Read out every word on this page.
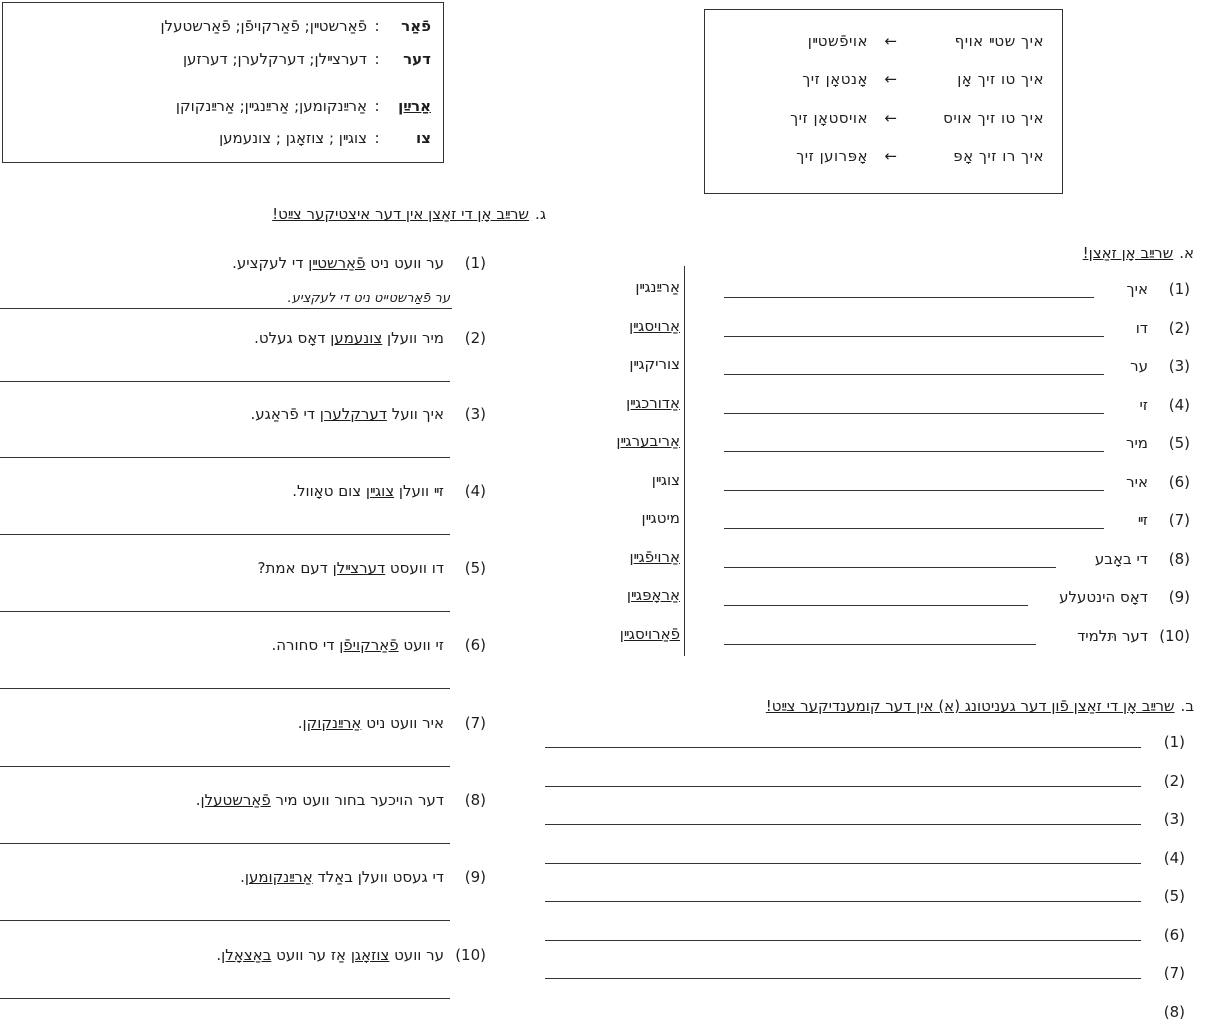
פֿאַר:פֿאַרשטײן; פֿאַרקויפֿן; פֿאַרשטעלן
דער:דערצײלן; דערקלערן; דערזען
אַרײַן:אַרײַנקומען; אַרײַנגײן; אַרײַנקוקן
צו:צוגײן ; צוזאָגן ; צונעמען
איך שטײ אויף←אויפֿשטײן
איך טו זיך אָן←אָנטאָן זיך
איך טו זיך אויס←אויסטאָן זיך
איך רו זיך אָפּ←אָפּרוען זיך
ג.שרײַב אָן די זאַצן אין דער איצטיקער צײַט!
(1)ער וועט ניט פֿאַרשטײן די לעקציע.
(2)מיר וועלן צונעמען דאָס געלט.
(3)איך וועל דערקלערן די פֿראַגע.
(4)זײ וועלן צוגײן צום טאָוול.
(5)דו וועסט דערצײלן דעם אמת?
(6)זי וועט פֿאַרקויפֿן די סחורה.
(7)איר וועט ניט אַרײַנקוקן.
(8)דער הויכער בחור וועט מיר פֿאַרשטעלן.
(9)די געסט וועלן באַלד אַרײַנקומען.
(10)ער וועט צוזאָגן אַז ער וועט באַצאָלן.
ער פֿאַרשטײט ניט די לעקציע.
א.שרײַב אָן זאַצן!
(1)איך
אַרײַנגײן
(2)דו
אַרויסגײן
(3)ער
צוריקגײן
(4)זי
אַדורכגײן
(5)מיר
אַריבערגײן
(6)איר
צוגײן
(7)זײ
מיטגײן
(8)די באָבע
אַרויפֿגײן
(9)דאָס הינטעלע
אַראָפּגײן
(10)דער תּלמיד
פֿאַרויסגײן
ב.שרײַב אָן די זאַצן פֿון דער געניטונג (א) אין דער קומענדיקער צײַט!
(1)
(2)
(3)
(4)
(5)
(6)
(7)
(8)
